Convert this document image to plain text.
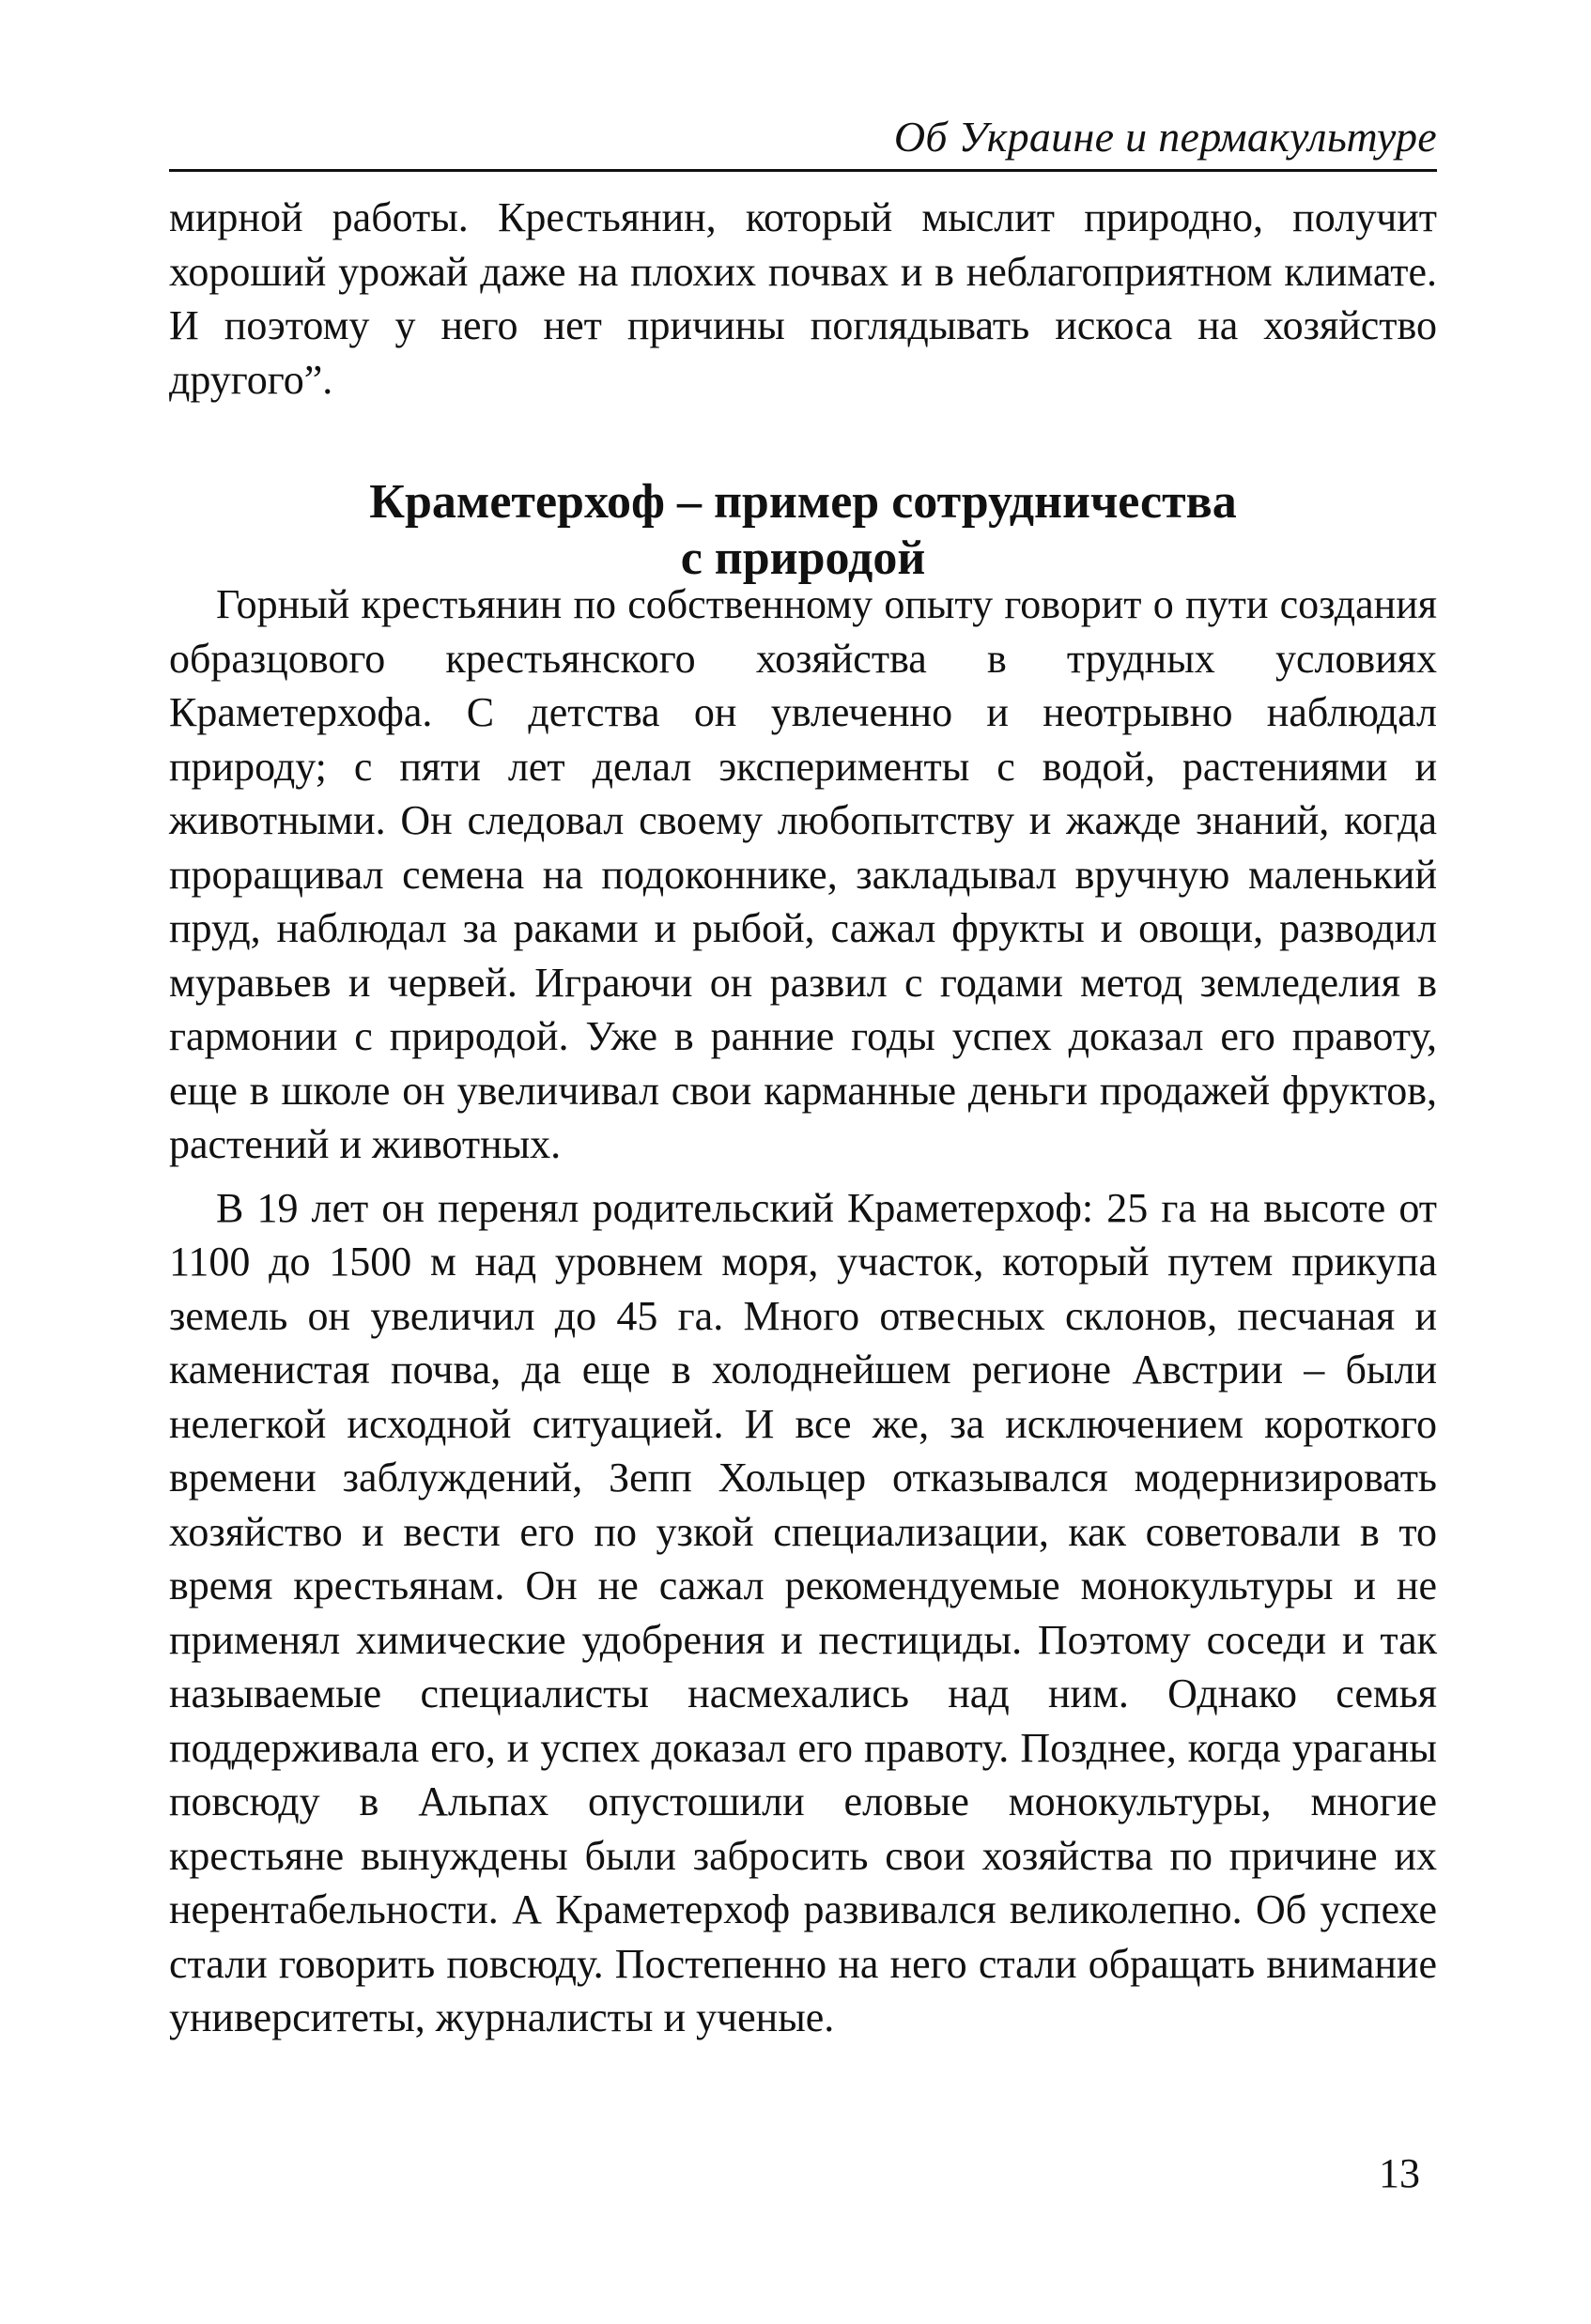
Об Украине и пермакультуре

мирной работы. Крестьянин, который мыслит природно, получит хороший урожай даже на плохих почвах и в неблагоприятном климате. И поэтому у него нет причины поглядывать искоса на хозяйство другого”.

Краметерхоф – пример сотрудничества
с природой

Горный крестьянин по собственному опыту говорит о пути создания образцового крестьянского хозяйства в трудных условиях Краметерхофа. С детства он увлеченно и неотрывно наблюдал природу; с пяти лет делал эксперименты с водой, растениями и животными. Он следовал своему любопытству и жажде знаний, когда проращивал семена на подоконнике, закладывал вручную маленький пруд, наблюдал за раками и рыбой, сажал фрукты и овощи, разводил муравьев и червей. Играючи он развил с годами метод земледелия в гармонии с природой. Уже в ранние годы успех доказал его правоту, еще в школе он увеличивал свои карманные деньги продажей фруктов, растений и животных.

В 19 лет он перенял родительский Краметерхоф: 25 га на высоте от 1100 до 1500 м над уровнем моря, участок, который путем прикупа земель он увеличил до 45 га. Много отвесных склонов, песчаная и каменистая почва, да еще в холоднейшем регионе Австрии – были нелегкой исходной ситуацией. И все же, за исключением короткого времени заблуждений, Зепп Хольцер отказывался модернизировать хозяйство и вести его по узкой специализации, как советовали в то время крестьянам. Он не сажал рекомендуемые монокультуры и не применял химические удобрения и пестициды. Поэтому соседи и так называемые специалисты насмехались над ним. Однако семья поддерживала его, и успех доказал его правоту. Позднее, когда ураганы повсюду в Альпах опустошили еловые монокультуры, многие крестьяне вынуждены были забросить свои хозяйства по причине их нерентабельности. А Краметерхоф развивался великолепно. Об успехе стали говорить повсюду. Постепенно на него стали обращать внимание университеты, журналисты и ученые.

13
